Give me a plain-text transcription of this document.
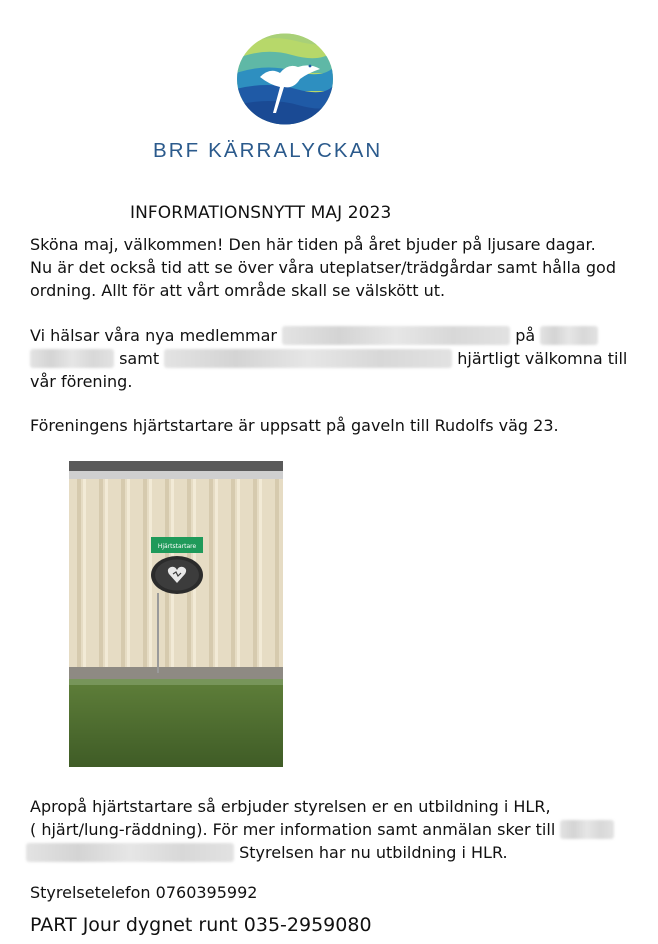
BRF KÄRRALYCKAN
INFORMATIONSNYTT MAJ 2023
Sköna maj, välkommen! Den här tiden på året bjuder på ljusare dagar.
Nu är det också tid att se över våra uteplatser/trädgårdar samt hålla god
ordning. Allt för att vårt område skall se välskött ut.
Vi hälsar våra nya medlemmar	på
samt	hjärtligt välkomna till
vår förening.
Föreningens hjärtstartare är uppsatt på gaveln till Rudolfs väg 23.
Hjärtstartare
Apropå hjärtstartare så erbjuder styrelsen er en utbildning i HLR,
( hjärt/lung-räddning). För mer information samt anmälan sker till
Styrelsen har nu utbildning i HLR.
Styrelsetelefon 0760395992
PART Jour dygnet runt 035-2959080
